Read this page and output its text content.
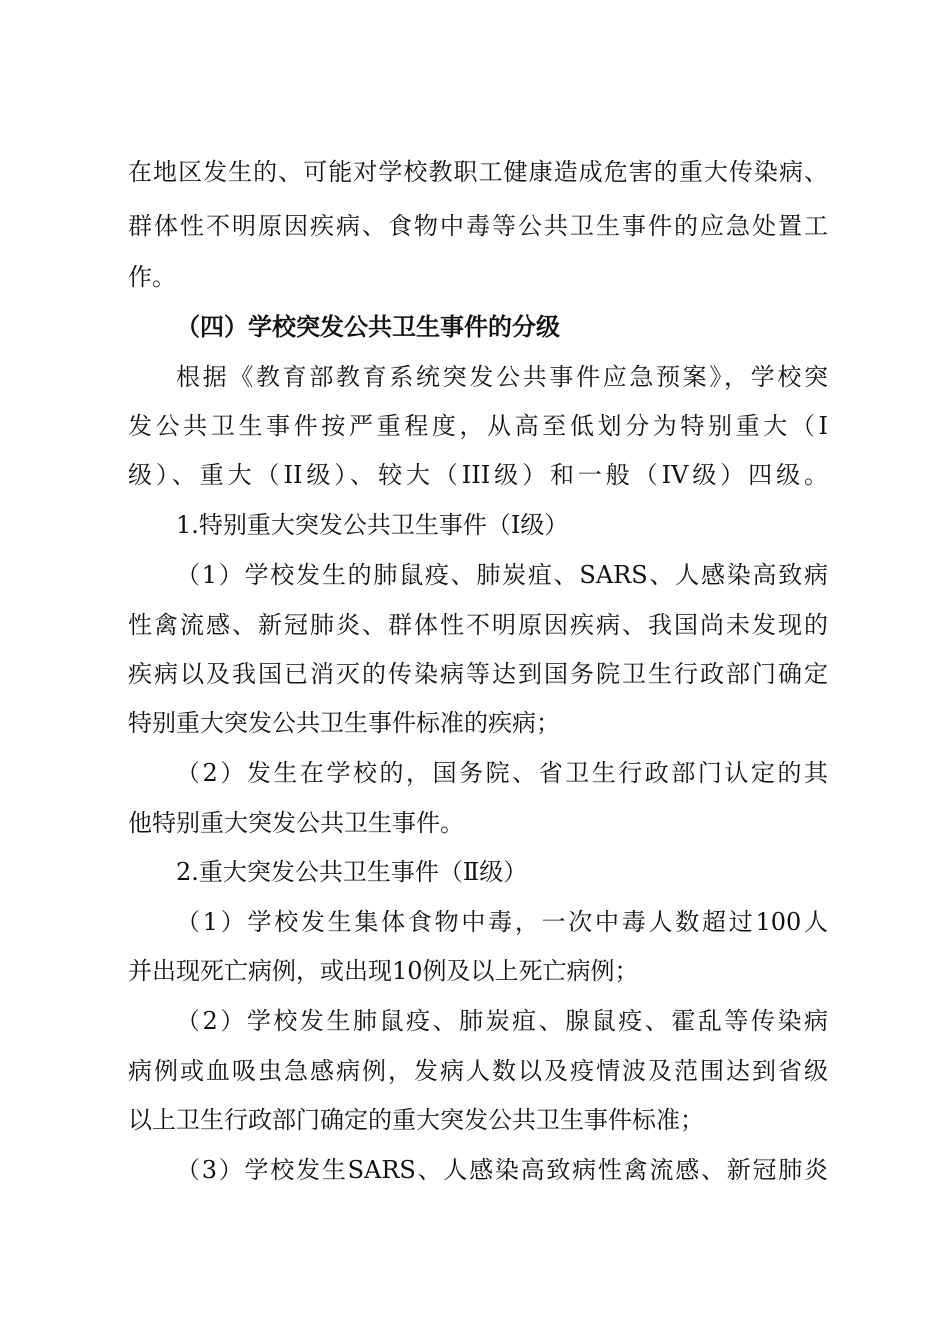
在地区发生的、可能对学校教职工健康造成危害的重大传染病、
群体性不明原因疾病、食物中毒等公共卫生事件的应急处置工
作。
（四）学校突发公共卫生事件的分级
根据《教育部教育系统突发公共事件应急预案》，学校突
发公共卫生事件按严重程度，从高至低划分为特别重大（I
级）、重大（II级）、较大（III级）和一般（IV级）四级。
1.特别重大突发公共卫生事件（I级）
（1）学校发生的肺鼠疫、肺炭疽、SARS、人感染高致病
性禽流感、新冠肺炎、群体性不明原因疾病、我国尚未发现的
疾病以及我国已消灭的传染病等达到国务院卫生行政部门确定
特别重大突发公共卫生事件标准的疾病；
（2）发生在学校的，国务院、省卫生行政部门认定的其
他特别重大突发公共卫生事件。
2.重大突发公共卫生事件（Ⅱ级）
（1）学校发生集体食物中毒，一次中毒人数超过100人
并出现死亡病例，或出现10例及以上死亡病例；
（2）学校发生肺鼠疫、肺炭疽、腺鼠疫、霍乱等传染病
病例或血吸虫急感病例，发病人数以及疫情波及范围达到省级
以上卫生行政部门确定的重大突发公共卫生事件标准；
（3）学校发生SARS、人感染高致病性禽流感、新冠肺炎
